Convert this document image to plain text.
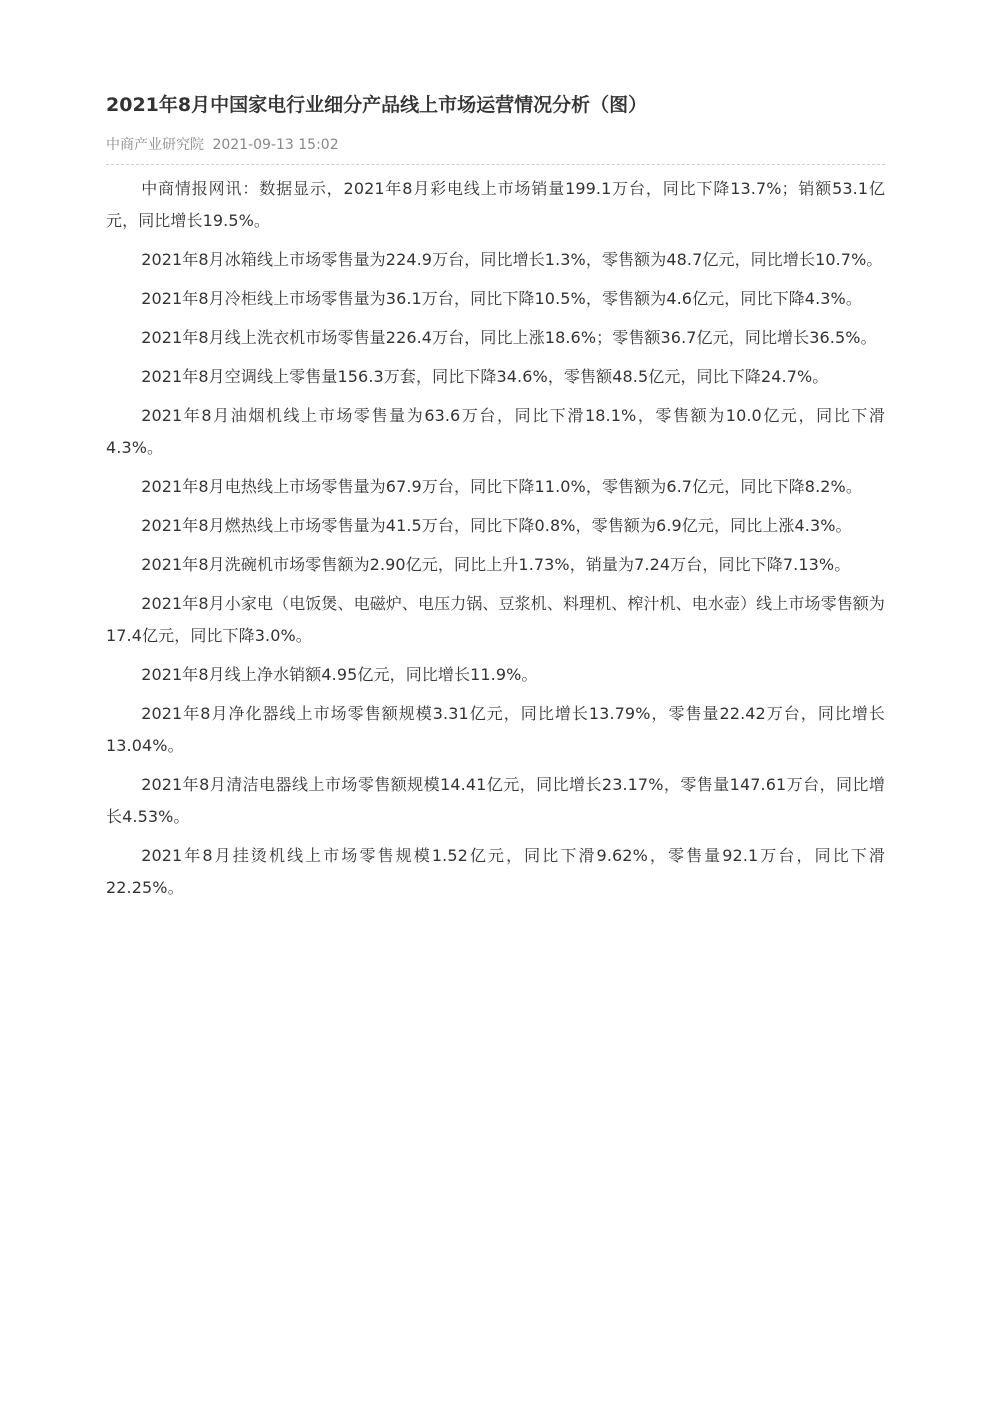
2021年8月中国家电行业细分产品线上市场运营情况分析（图）
中商产业研究院 2021-09-13 15:02

中商情报网讯：数据显示，2021年8月彩电线上市场销量199.1万台，同比下降13.7%；销额53.1亿元，同比增长19.5%。

2021年8月冰箱线上市场零售量为224.9万台，同比增长1.3%，零售额为48.7亿元，同比增长10.7%。

2021年8月冷柜线上市场零售量为36.1万台，同比下降10.5%，零售额为4.6亿元，同比下降4.3%。

2021年8月线上洗衣机市场零售量226.4万台，同比上涨18.6%；零售额36.7亿元，同比增长36.5%。

2021年8月空调线上零售量156.3万套，同比下降34.6%，零售额48.5亿元，同比下降24.7%。

2021年8月油烟机线上市场零售量为63.6万台，同比下滑18.1%，零售额为10.0亿元，同比下滑4.3%。

2021年8月电热线上市场零售量为67.9万台，同比下降11.0%，零售额为6.7亿元，同比下降8.2%。

2021年8月燃热线上市场零售量为41.5万台，同比下降0.8%，零售额为6.9亿元，同比上涨4.3%。

2021年8月洗碗机市场零售额为2.90亿元，同比上升1.73%，销量为7.24万台，同比下降7.13%。

2021年8月小家电（电饭煲、电磁炉、电压力锅、豆浆机、料理机、榨汁机、电水壶）线上市场零售额为17.4亿元，同比下降3.0%。

2021年8月线上净水销额4.95亿元，同比增长11.9%。

2021年8月净化器线上市场零售额规模3.31亿元，同比增长13.79%，零售量22.42万台，同比增长13.04%。

2021年8月清洁电器线上市场零售额规模14.41亿元，同比增长23.17%，零售量147.61万台，同比增长4.53%。

2021年8月挂烫机线上市场零售规模1.52亿元，同比下滑9.62%，零售量92.1万台，同比下滑22.25%。
